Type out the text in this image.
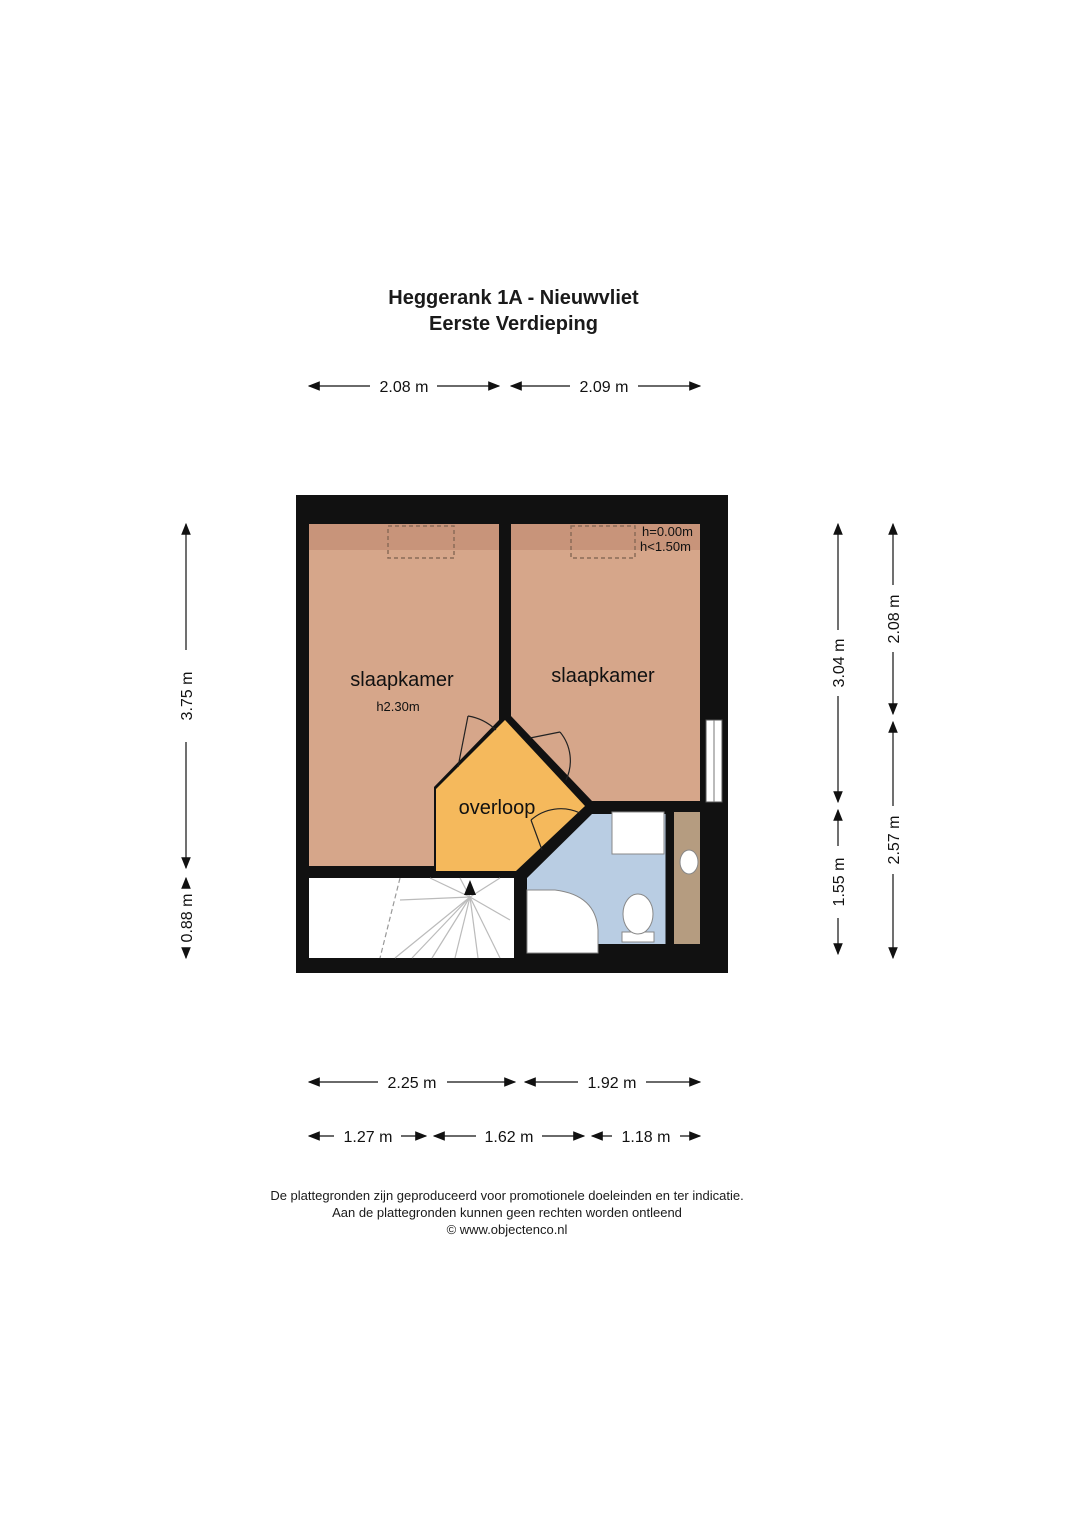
Heggerank 1A - Nieuwvliet
Eerste Verdieping
slaapkamer
h2.30m
slaapkamer
overloop
h=0.00m
h<1.50m
2.08 m	2.09 m
2.25 m	1.92 m
1.27 m	1.62 m	1.18 m
3.75 m
0.88 m
3.04 m
1.55 m
2.08 m
2.57 m
De plattegronden zijn geproduceerd voor promotionele doeleinden en ter indicatie.
Aan de plattegronden kunnen geen rechten worden ontleend
© www.objectenco.nl
